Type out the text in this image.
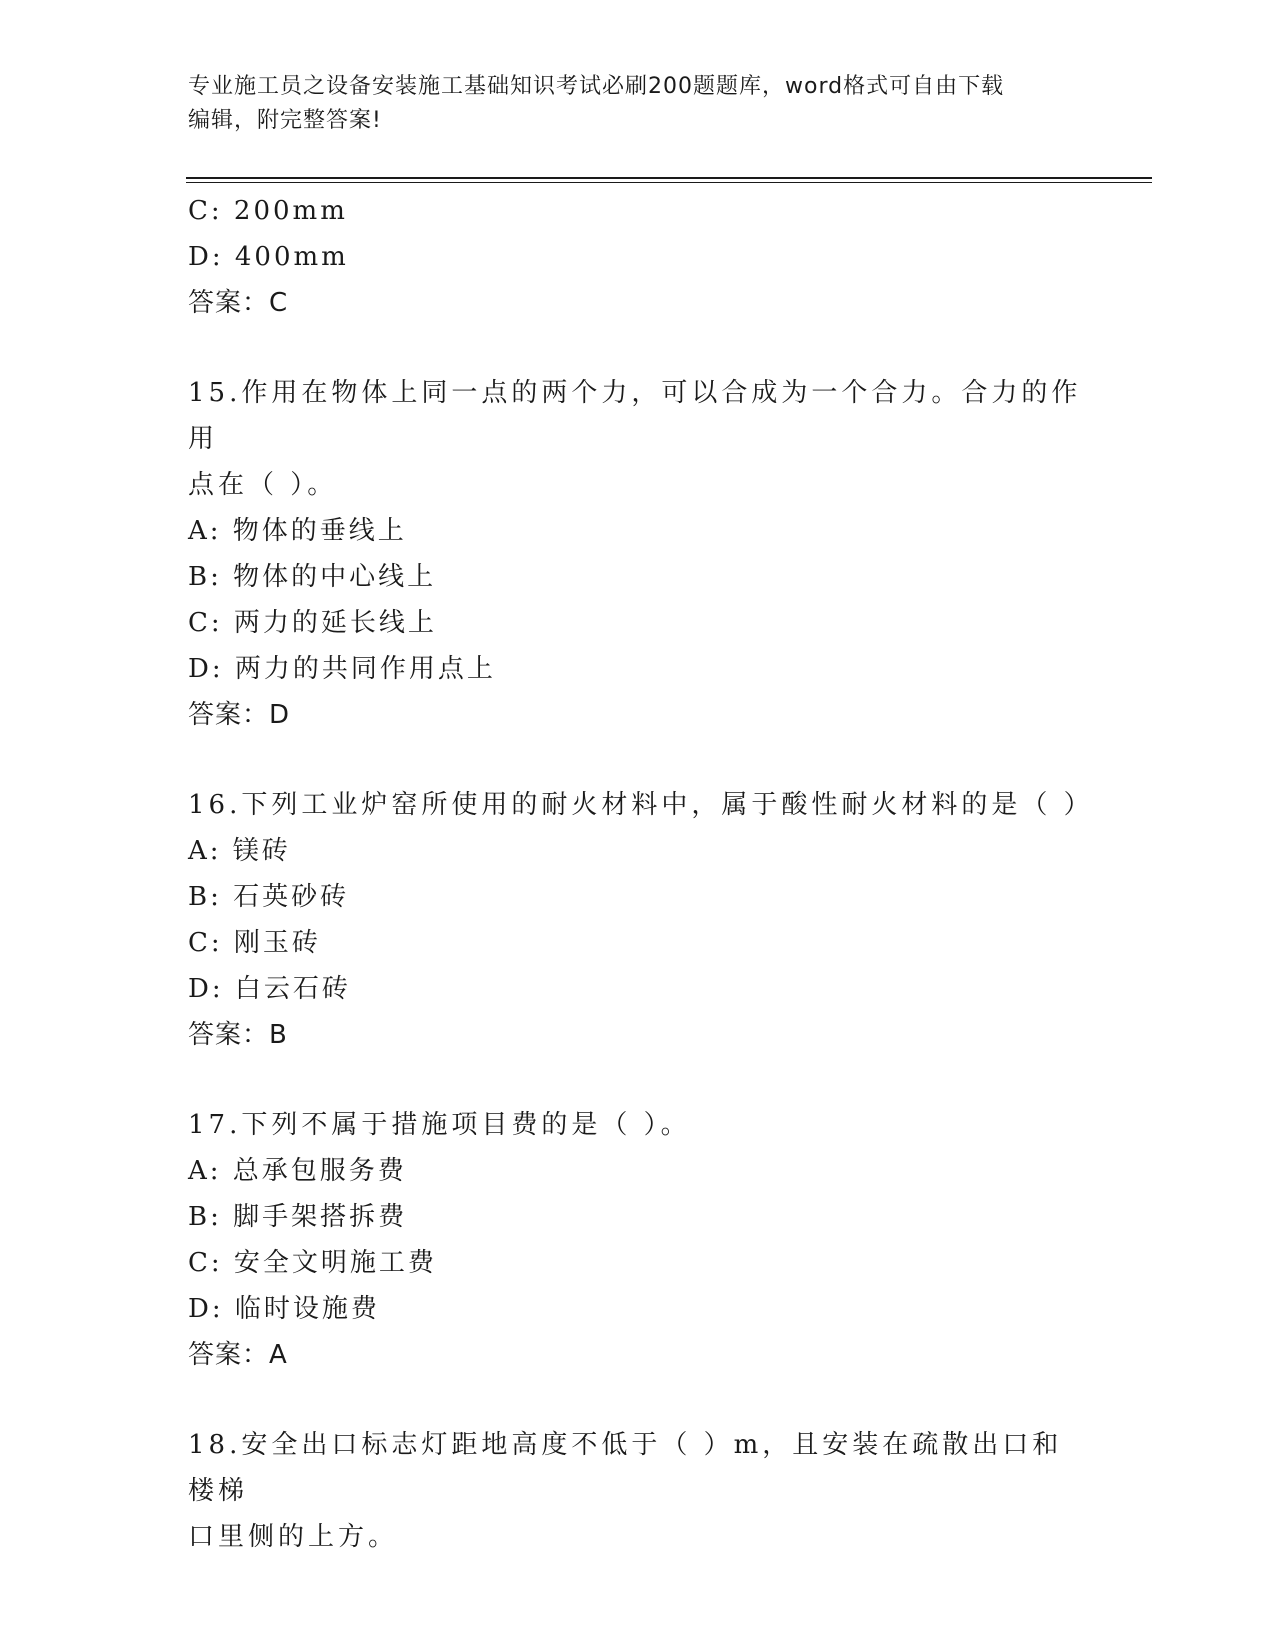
专业施工员之设备安装施工基础知识考试必刷200题题库，word格式可自由下载
编辑，附完整答案!
C: 200mm
D: 400mm
答案：C
15.作用在物体上同一点的两个力，可以合成为一个合力。合力的作用
点在（ ）。
A: 物体的垂线上
B: 物体的中心线上
C: 两力的延长线上
D: 两力的共同作用点上
答案：D
16.下列工业炉窑所使用的耐火材料中，属于酸性耐火材料的是（ ）
A: 镁砖
B: 石英砂砖
C: 刚玉砖
D: 白云石砖
答案：B
17.下列不属于措施项目费的是（ ）。
A: 总承包服务费
B: 脚手架搭拆费
C: 安全文明施工费
D: 临时设施费
答案：A
18.安全出口标志灯距地高度不低于（ ）m，且安装在疏散出口和楼梯
口里侧的上方。
